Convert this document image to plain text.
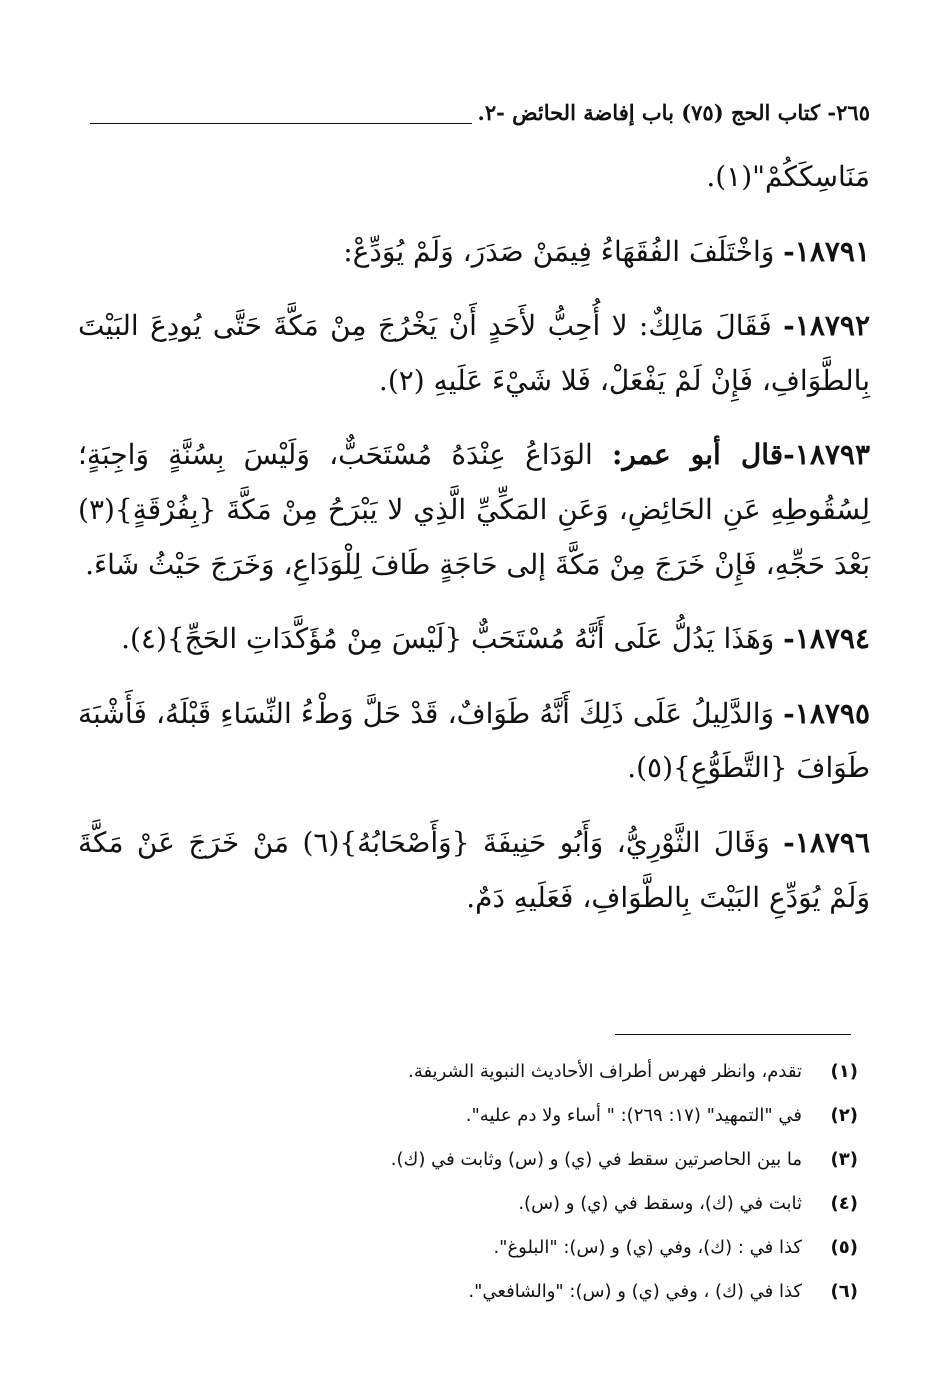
٢٦٥- كتاب الحج (٧٥) باب إفاضة الحائض -٢.

مَنَاسِكَكُمْ"(١).

١٨٧٩١- وَاخْتَلَفَ الفُقَهَاءُ فِيمَنْ صَدَرَ، وَلَمْ يُوَدِّعْ:

١٨٧٩٢- فَقَالَ مَالِكٌ: لا أُحِبُّ لأَحَدٍ أَنْ يَخْرُجَ مِنْ مَكَّةَ حَتَّى يُودِعَ البَيْتَ بِالطَّوَافِ، فَإِنْ لَمْ يَفْعَلْ، فَلا شَيْءَ عَلَيهِ (٢).

١٨٧٩٣-قال أبو عمر: الوَدَاعُ عِنْدَهُ مُسْتَحَبٌّ، وَلَيْسَ بِسُنَّةٍ وَاجِبَةٍ؛ لِسُقُوطِهِ عَنِ الحَائِضِ، وَعَنِ المَكِّيِّ الَّذِي لا يَبْرَحُ مِنْ مَكَّةَ {بِفُرْقَةٍ}(٣) بَعْدَ حَجِّهِ، فَإِنْ خَرَجَ مِنْ مَكَّةَ إلى حَاجَةٍ طَافَ لِلْوَدَاعِ، وَخَرَجَ حَيْثُ شَاءَ.

١٨٧٩٤- وَهَذَا يَدُلُّ عَلَى أَنَّهُ مُسْتَحَبٌّ {لَيْسَ مِنْ مُؤَكَّدَاتِ الحَجِّ}(٤).

١٨٧٩٥- وَالدَّلِيلُ عَلَى ذَلِكَ أَنَّهُ طَوَافٌ، قَدْ حَلَّ وَطْءُ النِّسَاءِ قَبْلَهُ، فَأَشْبَهَ طَوَافَ {التَّطَوُّعِ}(٥).

١٨٧٩٦- وَقَالَ الثَّوْرِيُّ، وَأَبُو حَنِيفَةَ {وَأَصْحَابُهُ}(٦) مَنْ خَرَجَ عَنْ مَكَّةَ وَلَمْ يُوَدِّعِ البَيْتَ بِالطَّوَافِ، فَعَلَيهِ دَمٌ.

(١)
تقدم، وانظر فهرس أطراف الأحاديث النبوية الشريفة.
(٢)
في "التمهيد" (١٧: ٢٦٩): " أساء ولا دم عليه".
(٣)
ما بين الحاصرتين سقط في (ي) و (س) وثابت في (ك).
(٤)
ثابت في (ك)، وسقط في (ي) و (س).
(٥)
كذا في : (ك)، وفي (ي) و (س): "البلوغ".
(٦)
كذا في (ك) ، وفي (ي) و (س): "والشافعي".
